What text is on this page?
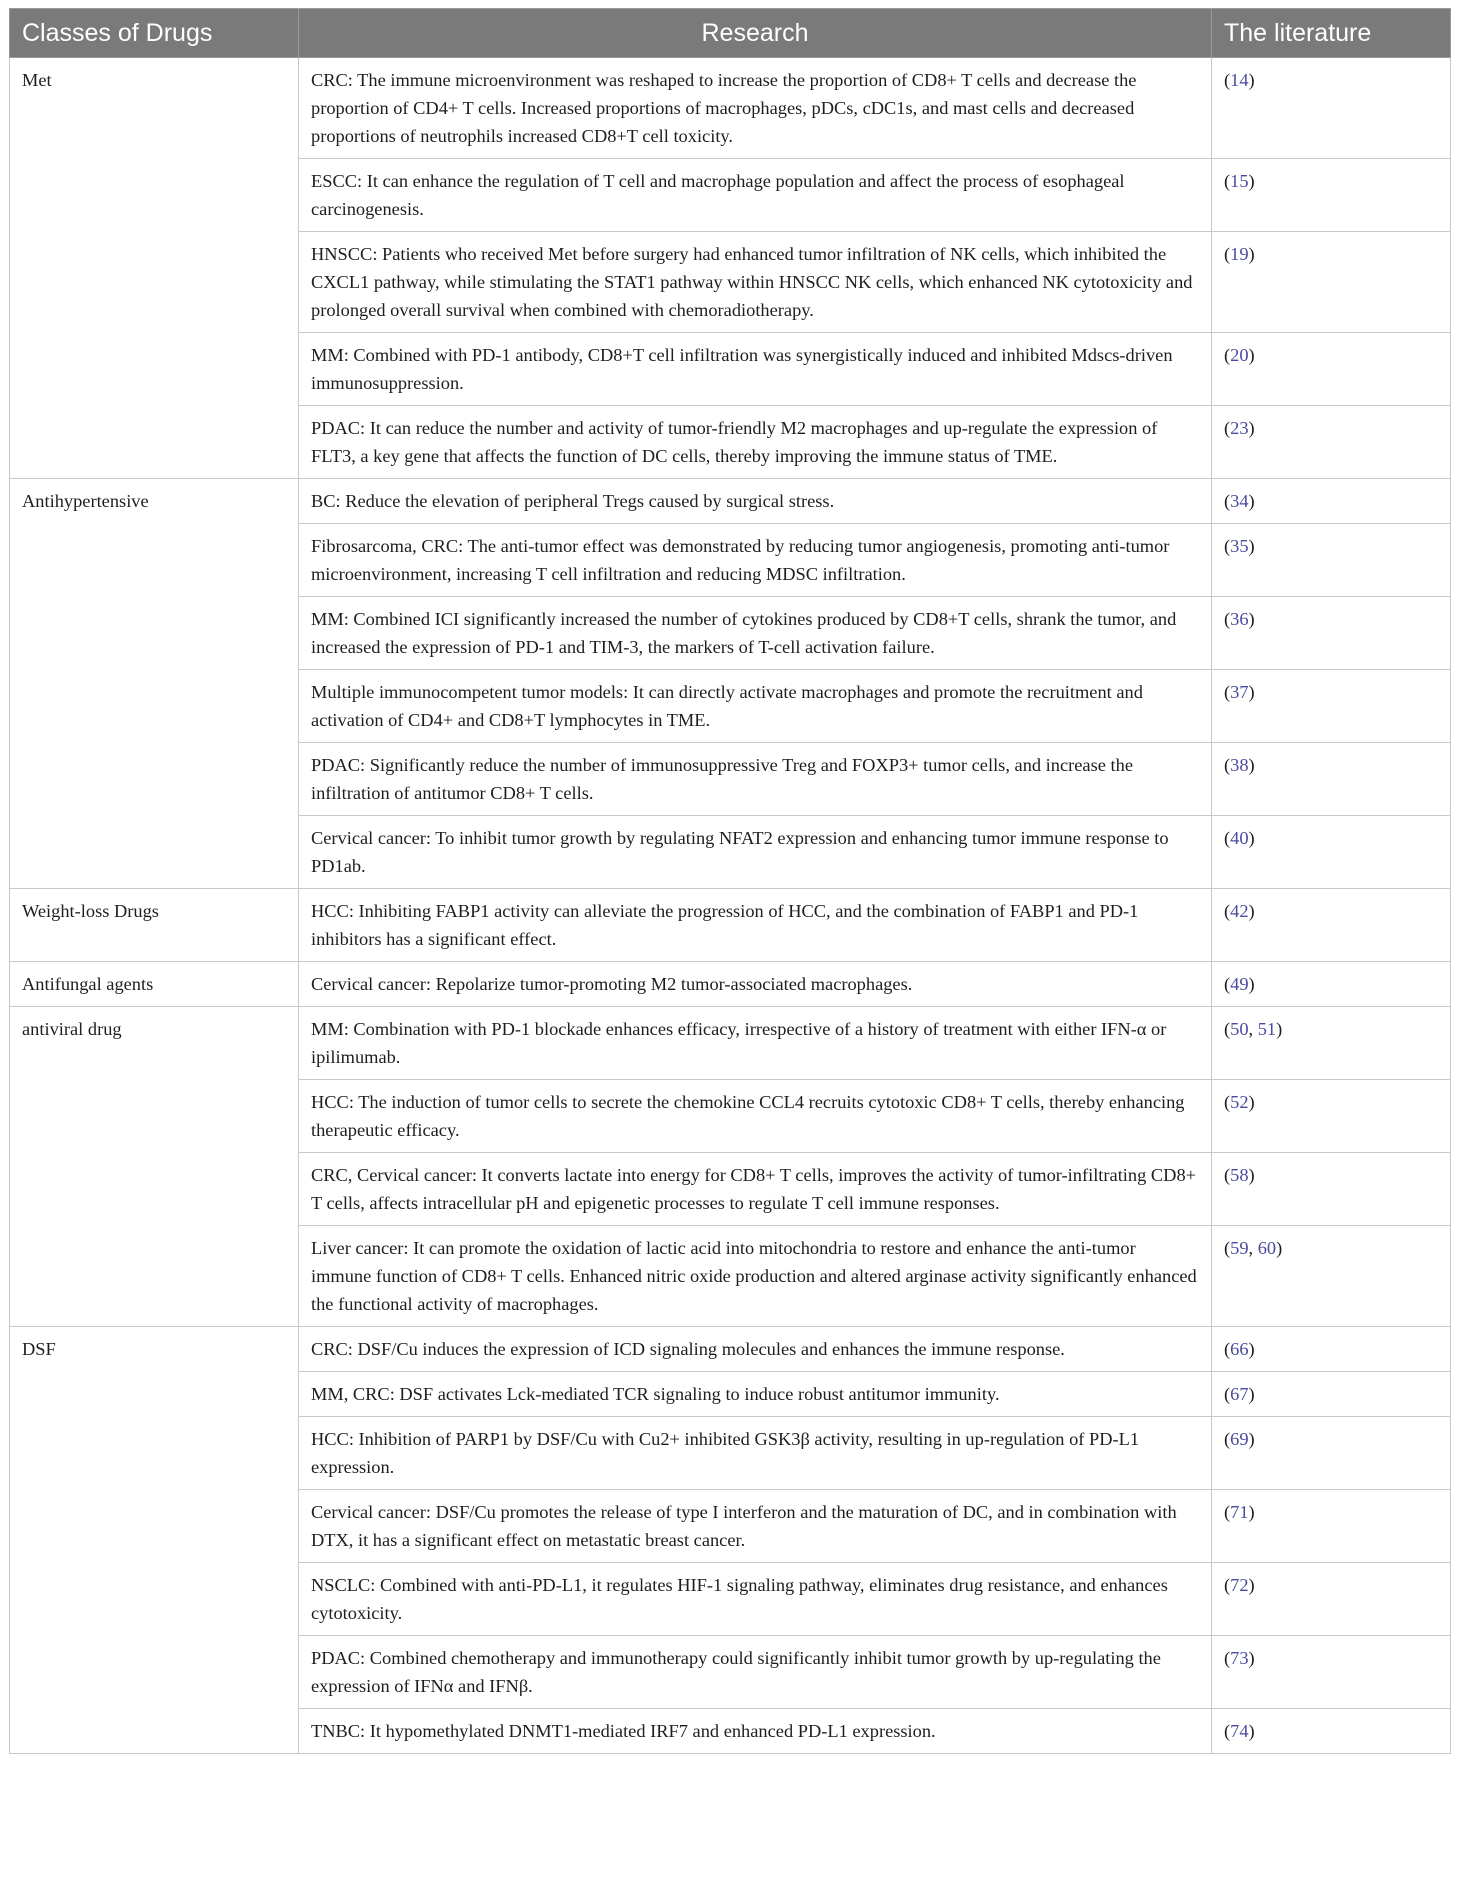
Classes of Drugs	Research	The literature
Met	CRC: The immune microenvironment was reshaped to increase the proportion of CD8+ T cells and decrease the proportion of CD4+ T cells. Increased proportions of macrophages, pDCs, cDC1s, and mast cells and decreased proportions of neutrophils increased CD8+T cell toxicity.	(14)
	ESCC: It can enhance the regulation of T cell and macrophage population and affect the process of esophageal carcinogenesis.	(15)
	HNSCC: Patients who received Met before surgery had enhanced tumor infiltration of NK cells, which inhibited the CXCL1 pathway, while stimulating the STAT1 pathway within HNSCC NK cells, which enhanced NK cytotoxicity and prolonged overall survival when combined with chemoradiotherapy.	(19)
	MM: Combined with PD-1 antibody, CD8+T cell infiltration was synergistically induced and inhibited Mdscs-driven immunosuppression.	(20)
	PDAC: It can reduce the number and activity of tumor-friendly M2 macrophages and up-regulate the expression of FLT3, a key gene that affects the function of DC cells, thereby improving the immune status of TME.	(23)
Antihypertensive	BC: Reduce the elevation of peripheral Tregs caused by surgical stress.	(34)
	Fibrosarcoma, CRC: The anti-tumor effect was demonstrated by reducing tumor angiogenesis, promoting anti-tumor microenvironment, increasing T cell infiltration and reducing MDSC infiltration.	(35)
	MM: Combined ICI significantly increased the number of cytokines produced by CD8+T cells, shrank the tumor, and increased the expression of PD-1 and TIM-3, the markers of T-cell activation failure.	(36)
	Multiple immunocompetent tumor models: It can directly activate macrophages and promote the recruitment and activation of CD4+ and CD8+T lymphocytes in TME.	(37)
	PDAC: Significantly reduce the number of immunosuppressive Treg and FOXP3+ tumor cells, and increase the infiltration of antitumor CD8+ T cells.	(38)
	Cervical cancer: To inhibit tumor growth by regulating NFAT2 expression and enhancing tumor immune response to PD1ab.	(40)
Weight-loss Drugs	HCC: Inhibiting FABP1 activity can alleviate the progression of HCC, and the combination of FABP1 and PD-1 inhibitors has a significant effect.	(42)
Antifungal agents	Cervical cancer: Repolarize tumor-promoting M2 tumor-associated macrophages.	(49)
antiviral drug	MM: Combination with PD-1 blockade enhances efficacy, irrespective of a history of treatment with either IFN-α or ipilimumab.	(50, 51)
	HCC: The induction of tumor cells to secrete the chemokine CCL4 recruits cytotoxic CD8+ T cells, thereby enhancing therapeutic efficacy.	(52)
	CRC, Cervical cancer: It converts lactate into energy for CD8+ T cells, improves the activity of tumor-infiltrating CD8+ T cells, affects intracellular pH and epigenetic processes to regulate T cell immune responses.	(58)
	Liver cancer: It can promote the oxidation of lactic acid into mitochondria to restore and enhance the anti-tumor immune function of CD8+ T cells. Enhanced nitric oxide production and altered arginase activity significantly enhanced the functional activity of macrophages.	(59, 60)
DSF	CRC: DSF/Cu induces the expression of ICD signaling molecules and enhances the immune response.	(66)
	MM, CRC: DSF activates Lck-mediated TCR signaling to induce robust antitumor immunity.	(67)
	HCC: Inhibition of PARP1 by DSF/Cu with Cu2+ inhibited GSK3β activity, resulting in up-regulation of PD-L1 expression.	(69)
	Cervical cancer: DSF/Cu promotes the release of type I interferon and the maturation of DC, and in combination with DTX, it has a significant effect on metastatic breast cancer.	(71)
	NSCLC: Combined with anti-PD-L1, it regulates HIF-1 signaling pathway, eliminates drug resistance, and enhances cytotoxicity.	(72)
	PDAC: Combined chemotherapy and immunotherapy could significantly inhibit tumor growth by up-regulating the expression of IFNα and IFNβ.	(73)
	TNBC: It hypomethylated DNMT1-mediated IRF7 and enhanced PD-L1 expression.	(74)
